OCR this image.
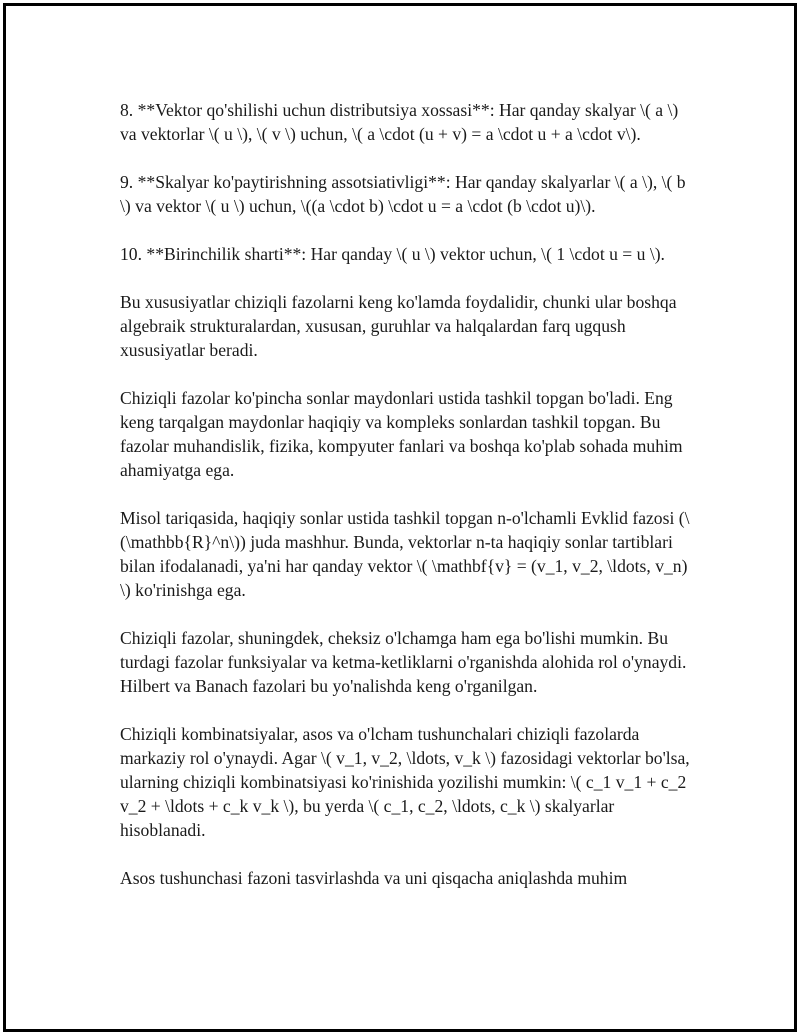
8. **Vektor qo'shilishi uchun distributsiya xossasi**: Har qanday skalyar \( a \) va vektorlar \( u \), \( v \) uchun, \( a \cdot (u + v) = a \cdot u + a \cdot v\).

9. **Skalyar ko'paytirishning assotsiativligi**: Har qanday skalyarlar \( a \), \( b \) va vektor \( u \) uchun, \((a \cdot b) \cdot u = a \cdot (b \cdot u)\).

10. **Birinchilik sharti**: Har qanday \( u \) vektor uchun, \( 1 \cdot u = u \).

Bu xususiyatlar chiziqli fazolarni keng ko'lamda foydalidir, chunki ular boshqa algebraik strukturalardan, xususan, guruhlar va halqalardan farq ugqush xususiyatlar beradi.

Chiziqli fazolar ko'pincha sonlar maydonlari ustida tashkil topgan bo'ladi. Eng keng tarqalgan maydonlar haqiqiy va kompleks sonlardan tashkil topgan. Bu fazolar muhandislik, fizika, kompyuter fanlari va boshqa ko'plab sohada muhim ahamiyatga ega.

Misol tariqasida, haqiqiy sonlar ustida tashkil topgan n-o'lchamli Evklid fazosi (\(\mathbb{R}^n\)) juda mashhur. Bunda, vektorlar n-ta haqiqiy sonlar tartiblari bilan ifodalanadi, ya'ni har qanday vektor \( \mathbf{v} = (v_1, v_2, \ldots, v_n) \) ko'rinishga ega.

Chiziqli fazolar, shuningdek, cheksiz o'lchamga ham ega bo'lishi mumkin. Bu turdagi fazolar funksiyalar va ketma-ketliklarni o'rganishda alohida rol o'ynaydi. Hilbert va Banach fazolari bu yo'nalishda keng o'rganilgan.

Chiziqli kombinatsiyalar, asos va o'lcham tushunchalari chiziqli fazolarda markaziy rol o'ynaydi. Agar \( v_1, v_2, \ldots, v_k \) fazosidagi vektorlar bo'lsa, ularning chiziqli kombinatsiyasi ko'rinishida yozilishi mumkin: \( c_1 v_1 + c_2 v_2 + \ldots + c_k v_k \), bu yerda \( c_1, c_2, \ldots, c_k \) skalyarlar hisoblanadi.

Asos tushunchasi fazoni tasvirlashda va uni qisqacha aniqlashda muhim
